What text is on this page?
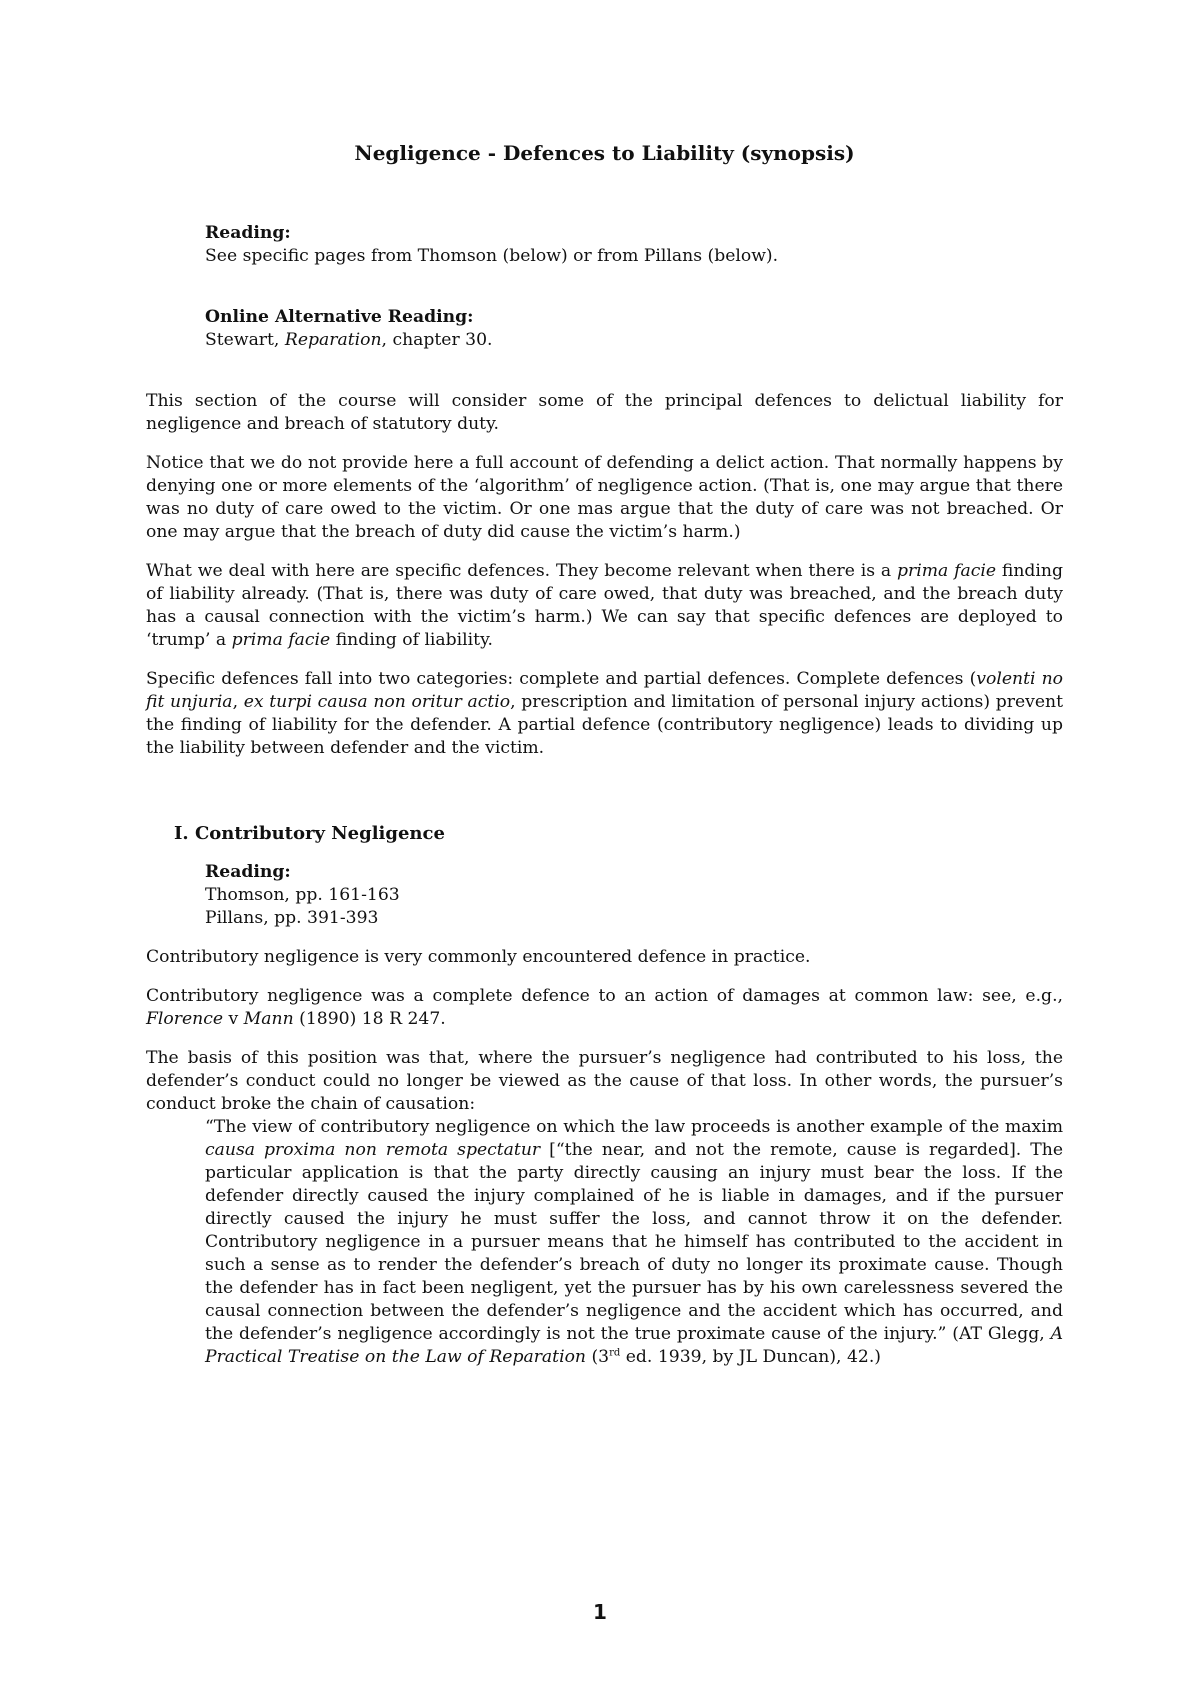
Negligence - Defences to Liability (synopsis)

Reading:

See specific pages from Thomson (below) or from Pillans (below).

Online Alternative Reading:

Stewart, Reparation, chapter 30.

This section of the course will consider some of the principal defences to delictual liability for negligence and breach of statutory duty.

Notice that we do not provide here a full account of defending a delict action. That normally happens by denying one or more elements of the ‘algorithm’ of negligence action. (That is, one may argue that there was no duty of care owed to the victim. Or one mas argue that the duty of care was not breached. Or one may argue that the breach of duty did cause the victim’s harm.)

What we deal with here are specific defences. They become relevant when there is a prima facie finding of liability already. (That is, there was duty of care owed, that duty was breached, and the breach duty has a causal connection with the victim’s harm.) We can say that specific defences are deployed to ‘trump’ a prima facie finding of liability.

Specific defences fall into two categories: complete and partial defences. Complete defences (volenti no fit unjuria, ex turpi causa non oritur actio, prescription and limitation of personal injury actions) prevent the finding of liability for the defender. A partial defence (contributory negligence) leads to dividing up the liability between defender and the victim.

I. Contributory Negligence

Reading:

Thomson, pp. 161-163

Pillans, pp. 391-393

Contributory negligence is very commonly encountered defence in practice.

Contributory negligence was a complete defence to an action of damages at common law: see, e.g., Florence v Mann (1890) 18 R 247.

The basis of this position was that, where the pursuer’s negligence had contributed to his loss, the defender’s conduct could no longer be viewed as the cause of that loss. In other words, the pursuer’s conduct broke the chain of causation:

“The view of contributory negligence on which the law proceeds is another example of the maxim causa proxima non remota spectatur [“the near, and not the remote, cause is regarded]. The particular application is that the party directly causing an injury must bear the loss. If the defender directly caused the injury complained of he is liable in damages, and if the pursuer directly caused the injury he must suffer the loss, and cannot throw it on the defender. Contributory negligence in a pursuer means that he himself has contributed to the accident in such a sense as to render the defender’s breach of duty no longer its proximate cause. Though the defender has in fact been negligent, yet the pursuer has by his own carelessness severed the causal connection between the defender’s negligence and the accident which has occurred, and the defender’s negligence accordingly is not the true proximate cause of the injury.” (AT Glegg, A Practical Treatise on the Law of Reparation (3rd ed. 1939, by JL Duncan), 42.)

1
